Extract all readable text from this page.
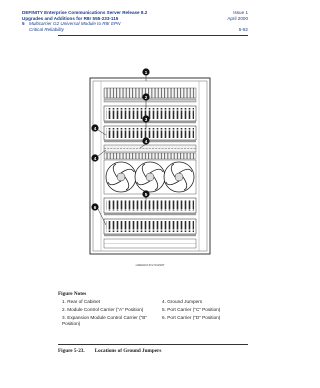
DEFINITY Enterprise Communications Server Release 8.2
Upgrades and Additions for R8r 555-233-115
5 Multicarrier G2 Universal Module to R8r EPN
Critical Reliability
Issue 1
April 2000
5-82
1
2
3
4
4
4
5
6
ndbkt3c3 ICV 010197
Figure Notes
1. Rear of Cabinet
2. Module Control Carrier (“A” Position)
3. Expansion Module Control Carrier (“B” Position)
4. Ground Jumpers
5. Port Carrier (“C” Position)
6. Port Carrier (“D” Position)
Figure 5-23. Locations of Ground Jumpers
